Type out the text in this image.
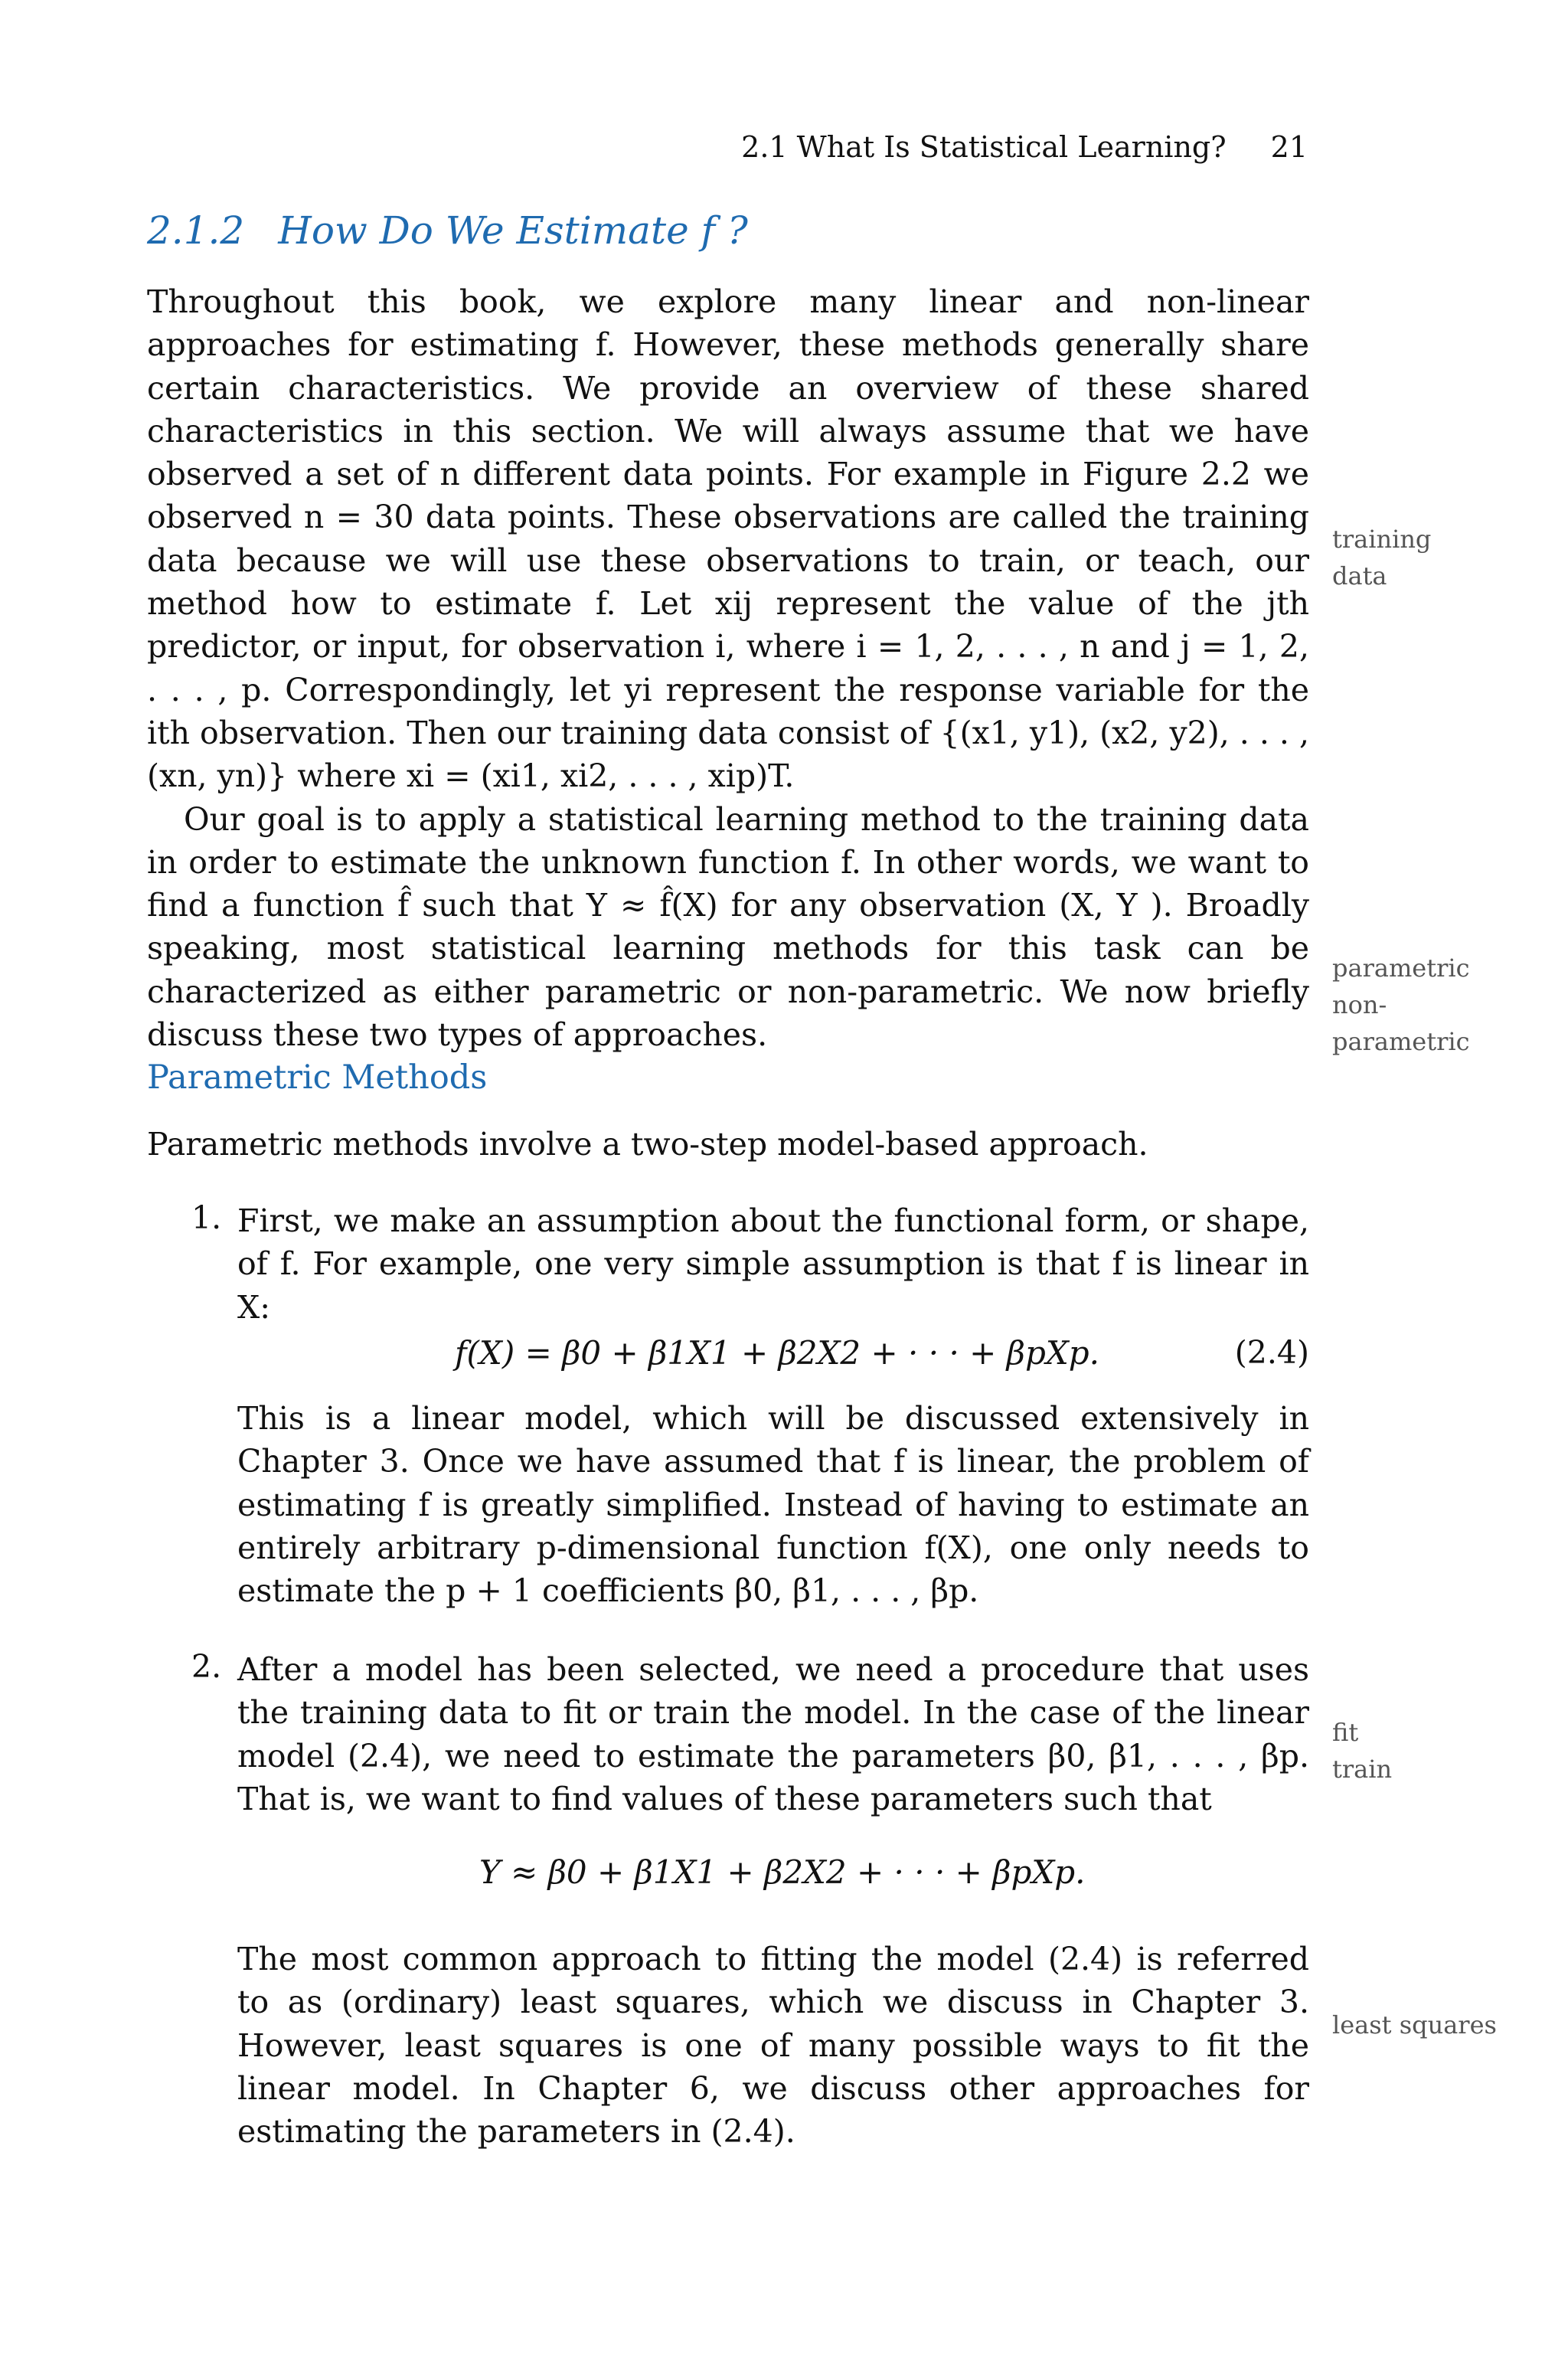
2.1 What Is Statistical Learning? 21
2.1.2 How Do We Estimate f ?

Throughout this book, we explore many linear and non-linear approaches for estimating f. However, these methods generally share certain characteristics. We provide an overview of these shared characteristics in this section. We will always assume that we have observed a set of n different data points. For example in Figure 2.2 we observed n = 30 data points. These observations are called the training data because we will use these observations to train, or teach, our method how to estimate f. Let xij represent the value of the jth predictor, or input, for observation i, where i = 1, 2, . . . , n and j = 1, 2, . . . , p. Correspondingly, let yi represent the response variable for the ith observation. Then our training data consist of {(x1, y1), (x2, y2), . . . , (xn, yn)} where xi = (xi1, xi2, . . . , xip)T.

Our goal is to apply a statistical learning method to the training data in order to estimate the unknown function f. In other words, we want to find a function f̂ such that Y ≈ f̂(X) for any observation (X, Y ). Broadly speaking, most statistical learning methods for this task can be characterized as either parametric or non-parametric. We now briefly discuss these two types of approaches.

training
data
parametric
non-
parametric
Parametric Methods
Parametric methods involve a two-step model-based approach.
1. First, we make an assumption about the functional form, or shape, of f. For example, one very simple assumption is that f is linear in X:
f(X) = β0 + β1X1 + β2X2 + · · · + βpXp.	(2.4)
This is a linear model, which will be discussed extensively in Chapter 3. Once we have assumed that f is linear, the problem of estimating f is greatly simplified. Instead of having to estimate an entirely arbitrary p-dimensional function f(X), one only needs to estimate the p + 1 coefficients β0, β1, . . . , βp.
2. After a model has been selected, we need a procedure that uses the training data to fit or train the model. In the case of the linear model (2.4), we need to estimate the parameters β0, β1, . . . , βp. That is, we want to find values of these parameters such that
fit
train
Y ≈ β0 + β1X1 + β2X2 + · · · + βpXp.
The most common approach to fitting the model (2.4) is referred to as (ordinary) least squares, which we discuss in Chapter 3. However, least squares is one of many possible ways to fit the linear model. In Chapter 6, we discuss other approaches for estimating the parameters in (2.4).
least squares
